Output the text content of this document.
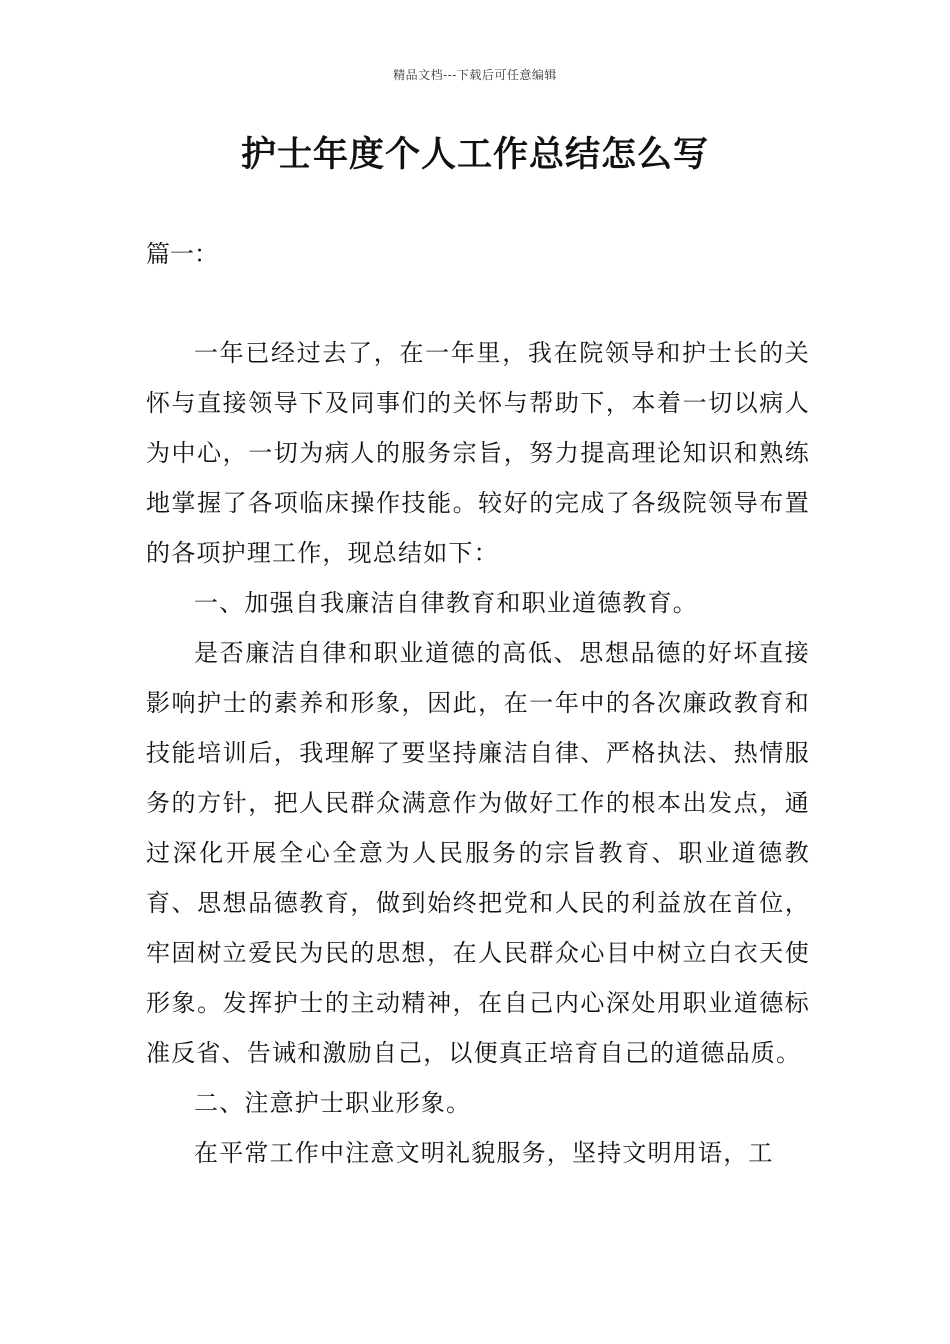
精品文档---下载后可任意编辑
护士年度个人工作总结怎么写

篇一：

一年已经过去了，在一年里，我在院领导和护士长的关怀与直接领导下及同事们的关怀与帮助下，本着一切以病人为中心，一切为病人的服务宗旨，努力提高理论知识和熟练地掌握了各项临床操作技能。较好的完成了各级院领导布置的各项护理工作，现总结如下：

一、加强自我廉洁自律教育和职业道德教育。

是否廉洁自律和职业道德的高低、思想品德的好坏直接影响护士的素养和形象，因此，在一年中的各次廉政教育和技能培训后，我理解了要坚持廉洁自律、严格执法、热情服务的方针，把人民群众满意作为做好工作的根本出发点，通过深化开展全心全意为人民服务的宗旨教育、职业道德教育、思想品德教育，做到始终把党和人民的利益放在首位，牢固树立爱民为民的思想，在人民群众心目中树立白衣天使形象。发挥护士的主动精神，在自己内心深处用职业道德标准反省、告诫和激励自己，以便真正培育自己的道德品质。

二、注意护士职业形象。

在平常工作中注意文明礼貌服务，坚持文明用语，工
